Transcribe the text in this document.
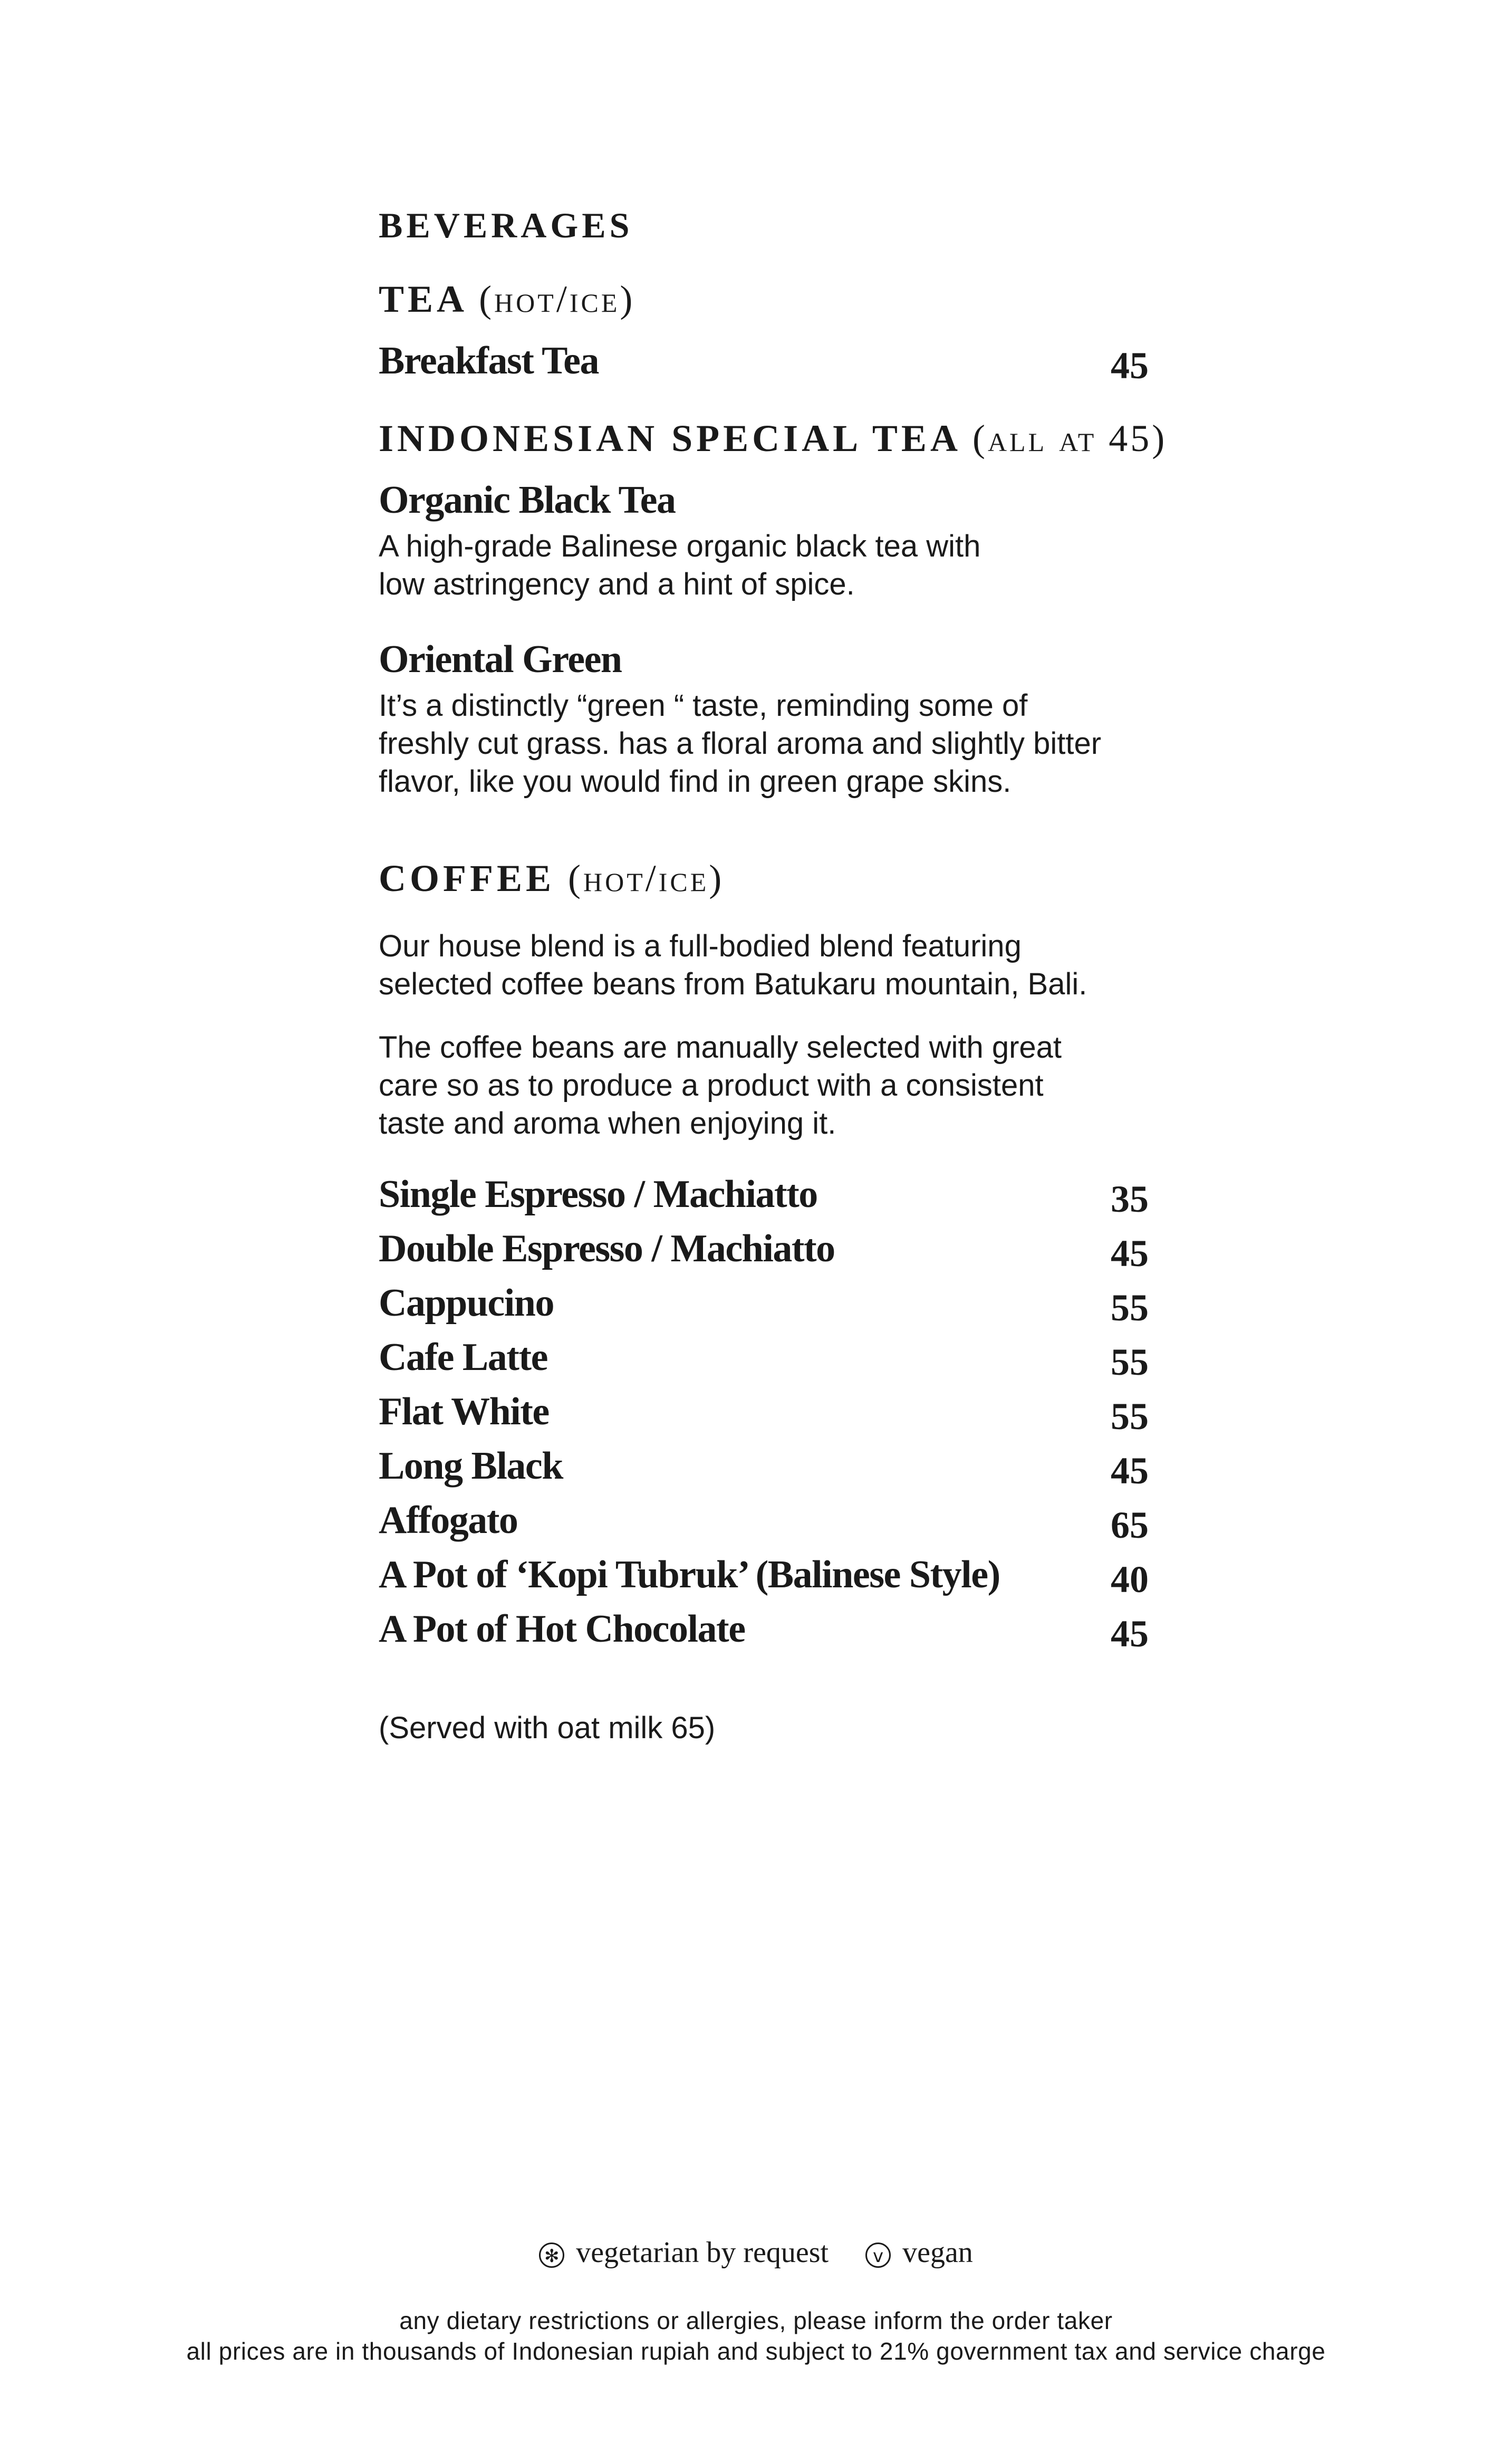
BEVERAGES
TEA (hot/ice)
Breakfast Tea	45
INDONESIAN SPECIAL TEA (all at 45)
Organic Black Tea
A high-grade Balinese organic black tea with
low astringency and a hint of spice.
Oriental Green
It’s a distinctly “green “ taste, reminding some of
freshly cut grass. has a floral aroma and slightly bitter
flavor, like you would find in green grape skins.
COFFEE (hot/ice)
Our house blend is a full-bodied blend featuring
selected coffee beans from Batukaru mountain, Bali.
The coffee beans are manually selected with great
care so as to produce a product with a consistent
taste and aroma when enjoying it.
Single Espresso / Machiatto	35
Double Espresso / Machiatto	45
Cappucino	55
Cafe Latte	55
Flat White	55
Long Black	45
Affogato	65
A Pot of ‘Kopi Tubruk’ (Balinese Style)	40
A Pot of Hot Chocolate	45
(Served with oat milk 65)
✻ vegetarian by request v vegan
any dietary restrictions or allergies, please inform the order taker
all prices are in thousands of Indonesian rupiah and subject to 21% government tax and service charge
